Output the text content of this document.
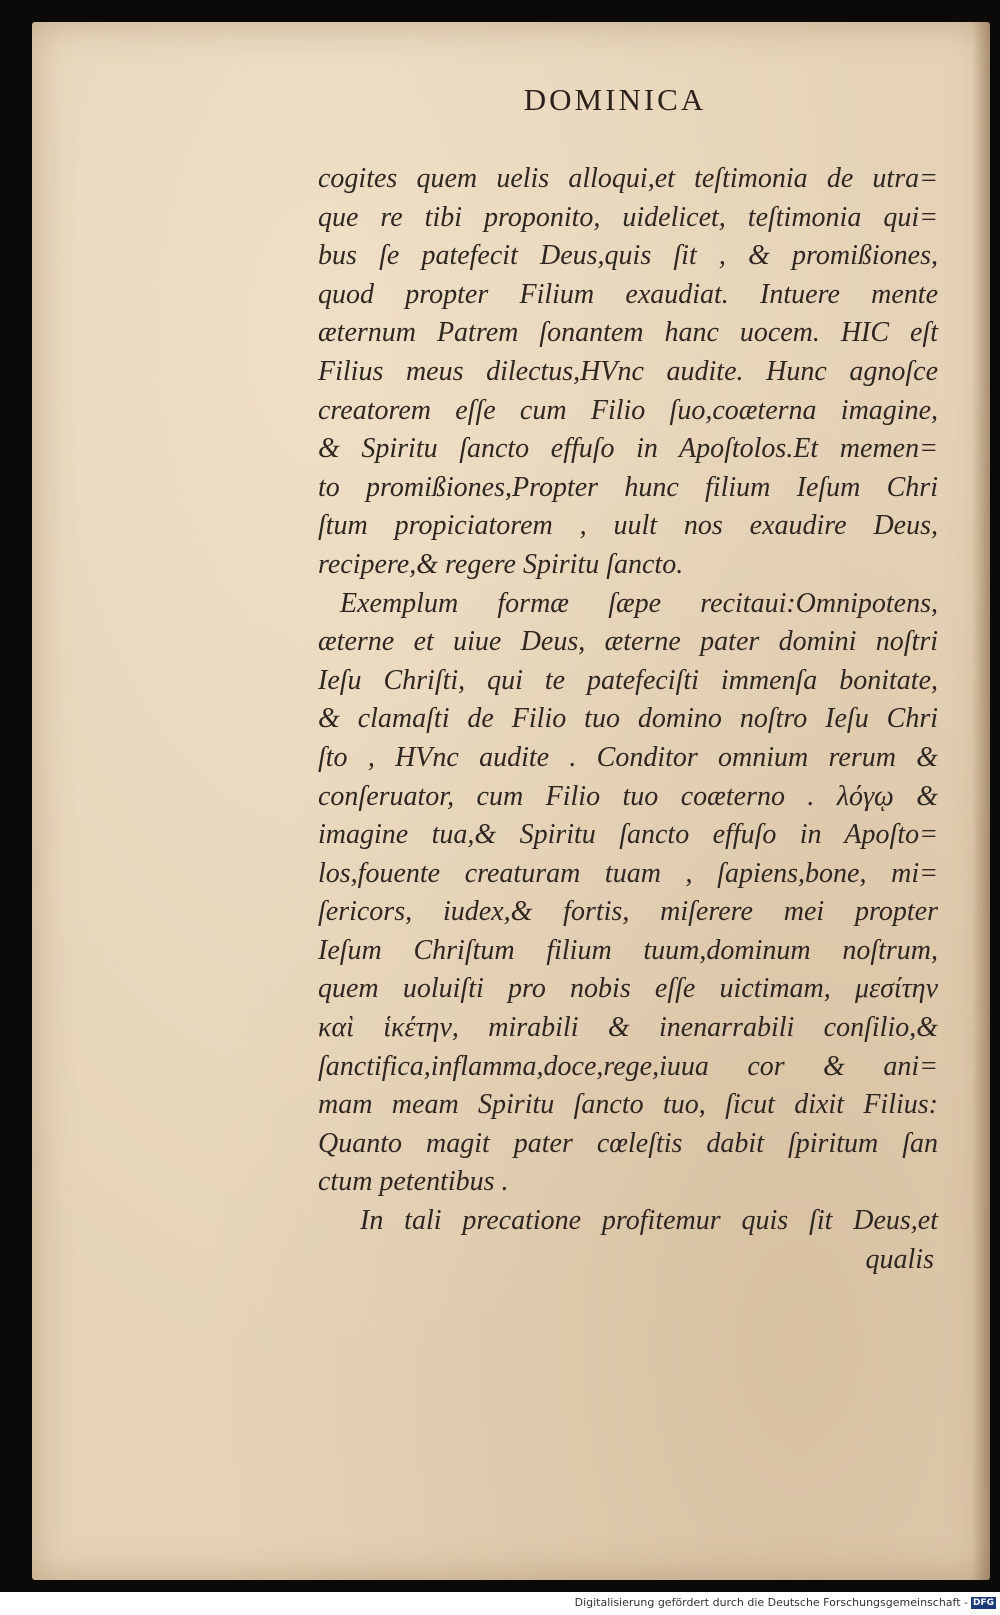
DOMINICA
cogites quem uelis alloqui,et teſtimonia de utra=
que re tibi proponito, uidelicet, teſtimonia qui=
bus ſe patefecit Deus,quis ſit , & promißiones,
quod propter Filium exaudiat. Intuere mente
æternum Patrem ſonantem hanc uocem. HIC eſt
Filius meus dilectus,HVnc audite. Hunc agnoſce
creatorem eſſe cum Filio ſuo,coæterna imagine,
& Spiritu ſancto effuſo in Apoſtolos.Et memen=
to promißiones,Propter hunc filium Ieſum Chri
ſtum propiciatorem , uult nos exaudire Deus,
recipere,& regere Spiritu ſancto.
Exemplum formæ ſæpe recitaui:Omnipotens,
æterne et uiue Deus, æterne pater domini noſtri
Ieſu Chriſti, qui te patefeciſti immenſa bonitate,
& clamaſti de Filio tuo domino noſtro Ieſu Chri
ſto , HVnc audite . Conditor omnium rerum &
conſeruator, cum Filio tuo coæterno . λόγῳ &
imagine tua,& Spiritu ſancto effuſo in Apoſto=
los,fouente creaturam tuam , ſapiens,bone, mi=
ſericors, iudex,& fortis, miſerere mei propter
Ieſum Chriſtum filium tuum,dominum noſtrum,
quem uoluiſti pro nobis eſſe uictimam, μεσίτην
καὶ ἱκέτην, mirabili & inenarrabili conſilio,&
ſanctifica,inflamma,doce,rege,iuua cor & ani=
mam meam Spiritu ſancto tuo, ſicut dixit Filius:
Quanto magit pater cœleſtis dabit ſpiritum ſan
ctum petentibus .
In tali precatione profitemur quis ſit Deus,et
qualis
Digitalisierung gefördert durch die Deutsche Forschungsgemeinschaft - DFG
